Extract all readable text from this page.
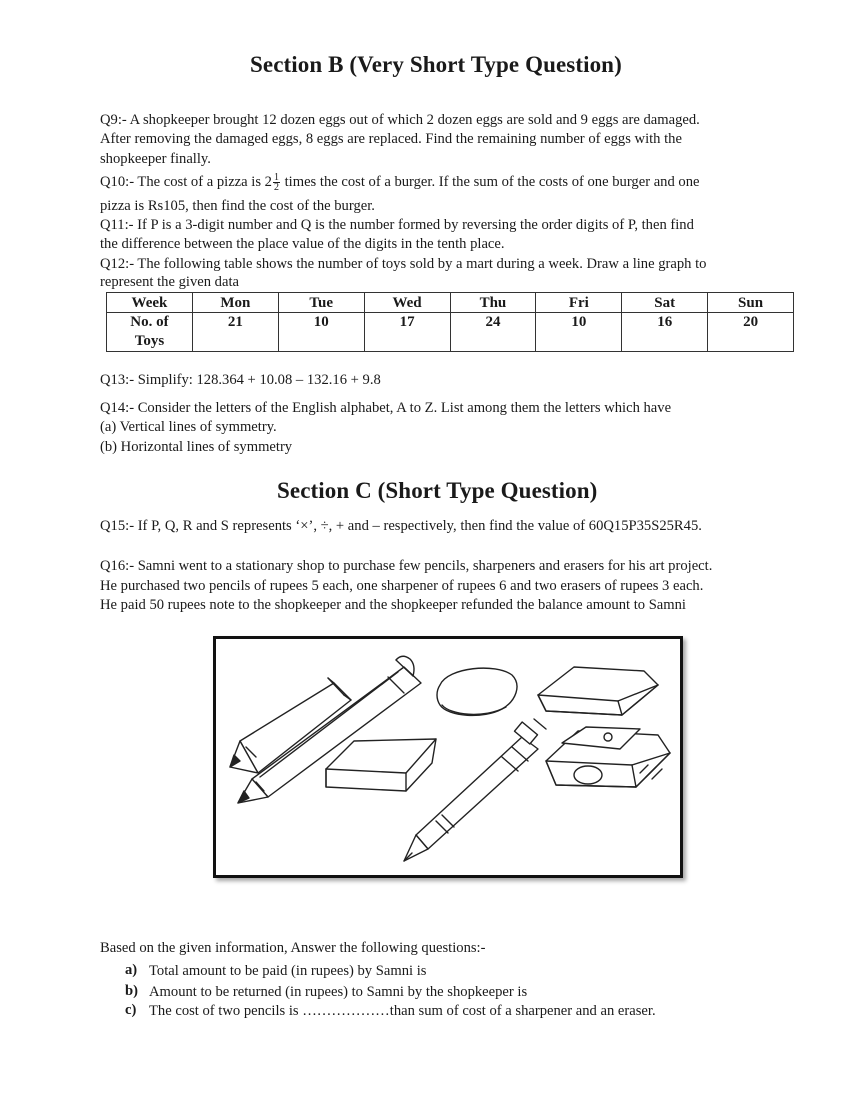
Section B (Very Short Type Question)
Q9:- A shopkeeper brought 12 dozen eggs out of which 2 dozen eggs are sold and 9 eggs are damaged.
After removing the damaged eggs, 8 eggs are replaced. Find the remaining number of eggs with the
shopkeeper finally.
Q10:- The cost of a pizza is $2 \frac{1}{2}$ times the cost of a burger. If the sum of the costs of one burger and one
pizza is Rs105, then find the cost of the burger.
Q11:- If P is a 3-digit number and Q is the number formed by reversing the order digits of P, then find
the difference between the place value of the digits in the tenth place.
Q12:- The following table shows the number of toys sold by a mart during a week. Draw a line graph to
represent the given data
Week	Mon	Tue	Wed	Thu	Fri	Sat	Sun
No. of Toys	21	10	17	24	10	16	20
Q13:- Simplify: 128.364 + 10.08 – 132.16 + 9.8
Q14:- Consider the letters of the English alphabet, A to Z. List among them the letters which have
(a) Vertical lines of symmetry.
(b) Horizontal lines of symmetry
Section C (Short Type Question)
Q15:- If P, Q, R and S represents ‘×’, ÷, + and – respectively, then find the value of 60Q15P35S25R45.
Q16:- Samni went to a stationary shop to purchase few pencils, sharpeners and erasers for his art project.
He purchased two pencils of rupees 5 each, one sharpener of rupees 6 and two erasers of rupees 3 each.
He paid 50 rupees note to the shopkeeper and the shopkeeper refunded the balance amount to Samni
Based on the given information, Answer the following questions:-
a) Total amount to be paid (in rupees) by Samni is
b) Amount to be returned (in rupees) to Samni by the shopkeeper is
c) The cost of two pencils is ………………than sum of cost of a sharpener and an eraser.
